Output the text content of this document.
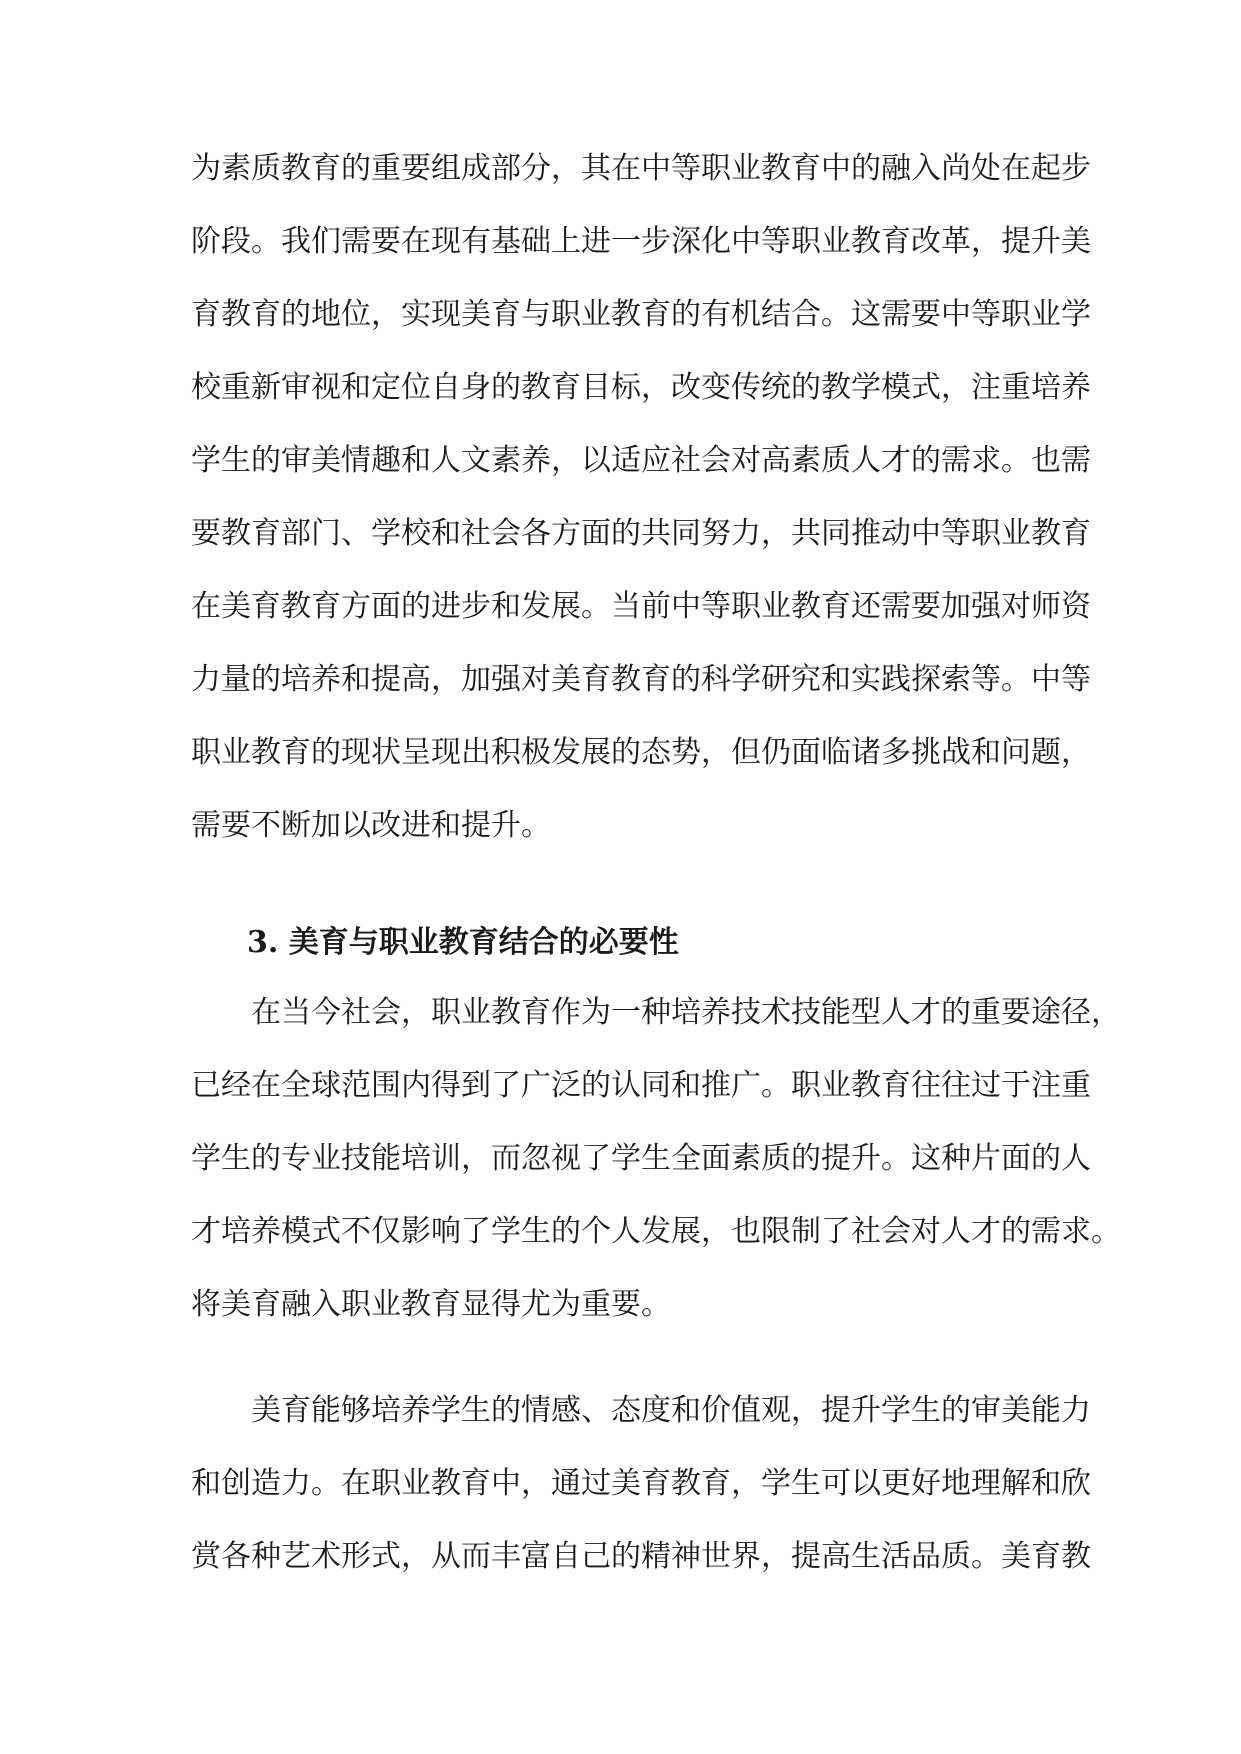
为素质教育的重要组成部分，其在中等职业教育中的融入尚处在起步
阶段。我们需要在现有基础上进一步深化中等职业教育改革，提升美
育教育的地位，实现美育与职业教育的有机结合。这需要中等职业学
校重新审视和定位自身的教育目标，改变传统的教学模式，注重培养
学生的审美情趣和人文素养，以适应社会对高素质人才的需求。也需
要教育部门、学校和社会各方面的共同努力，共同推动中等职业教育
在美育教育方面的进步和发展。当前中等职业教育还需要加强对师资
力量的培养和提高，加强对美育教育的科学研究和实践探索等。中等
职业教育的现状呈现出积极发展的态势，但仍面临诸多挑战和问题，
需要不断加以改进和提升。
3. 美育与职业教育结合的必要性
　　在当今社会，职业教育作为一种培养技术技能型人才的重要途径，
已经在全球范围内得到了广泛的认同和推广。职业教育往往过于注重
学生的专业技能培训，而忽视了学生全面素质的提升。这种片面的人
才培养模式不仅影响了学生的个人发展，也限制了社会对人才的需求。
将美育融入职业教育显得尤为重要。
　　美育能够培养学生的情感、态度和价值观，提升学生的审美能力
和创造力。在职业教育中，通过美育教育，学生可以更好地理解和欣
赏各种艺术形式，从而丰富自己的精神世界，提高生活品质。美育教
